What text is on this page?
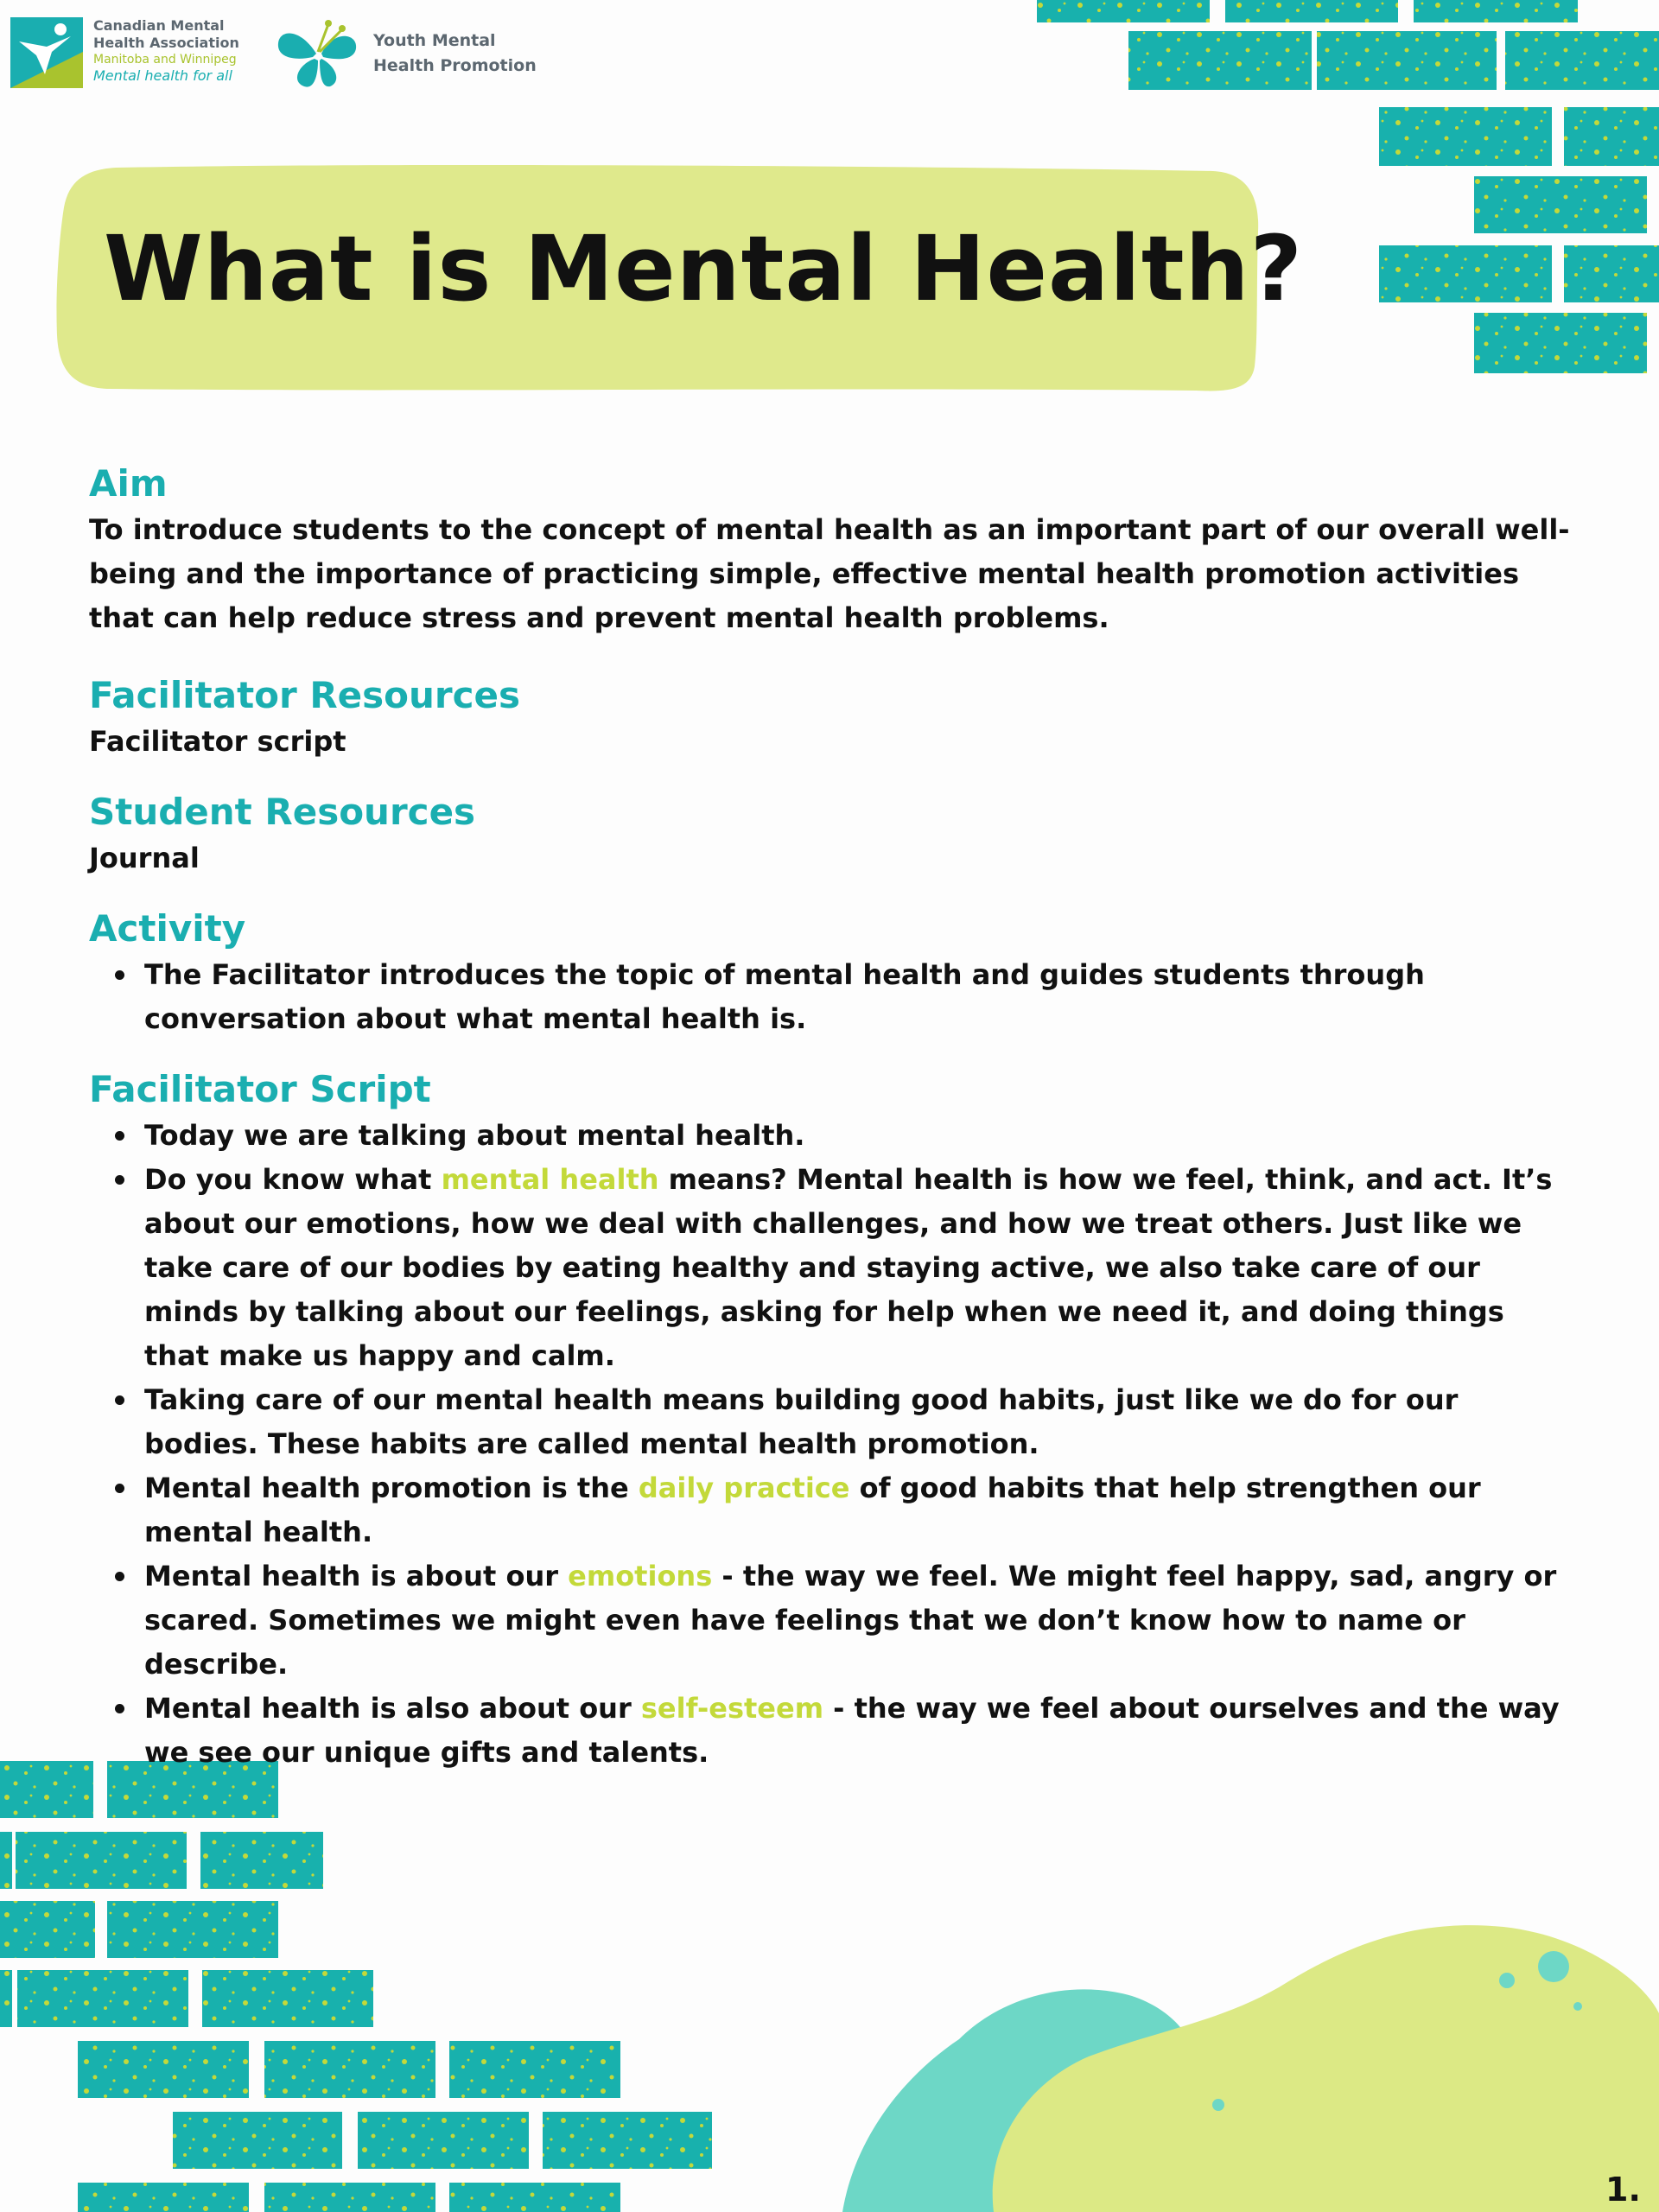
Canadian Mental
Health Association
Manitoba and Winnipeg
Mental health for all
Youth Mental
Health Promotion
What is Mental Health?
Aim

To introduce students to the concept of mental health as an important part of our overall well-being and the importance of practicing simple, effective mental health promotion activities that can help reduce stress and prevent mental health problems.

Facilitator Resources

Facilitator script

Student Resources

Journal

Activity
The Facilitator introduces the topic of mental health and guides students through conversation about what mental health is.
Facilitator Script
Today we are talking about mental health.
Do you know what mental health means? Mental health is how we feel, think, and act. It’s about our emotions, how we deal with challenges, and how we treat others. Just like we take care of our bodies by eating healthy and staying active, we also take care of our minds by talking about our feelings, asking for help when we need it, and doing things that make us happy and calm.
Taking care of our mental health means building good habits, just like we do for our bodies. These habits are called mental health promotion.
Mental health promotion is the daily practice of good habits that help strengthen our mental health.
Mental health is about our emotions - the way we feel. We might feel happy, sad, angry or scared. Sometimes we might even have feelings that we don’t know how to name or describe.
Mental health is also about our self-esteem - the way we feel about ourselves and the way we see our unique gifts and talents.
1.
